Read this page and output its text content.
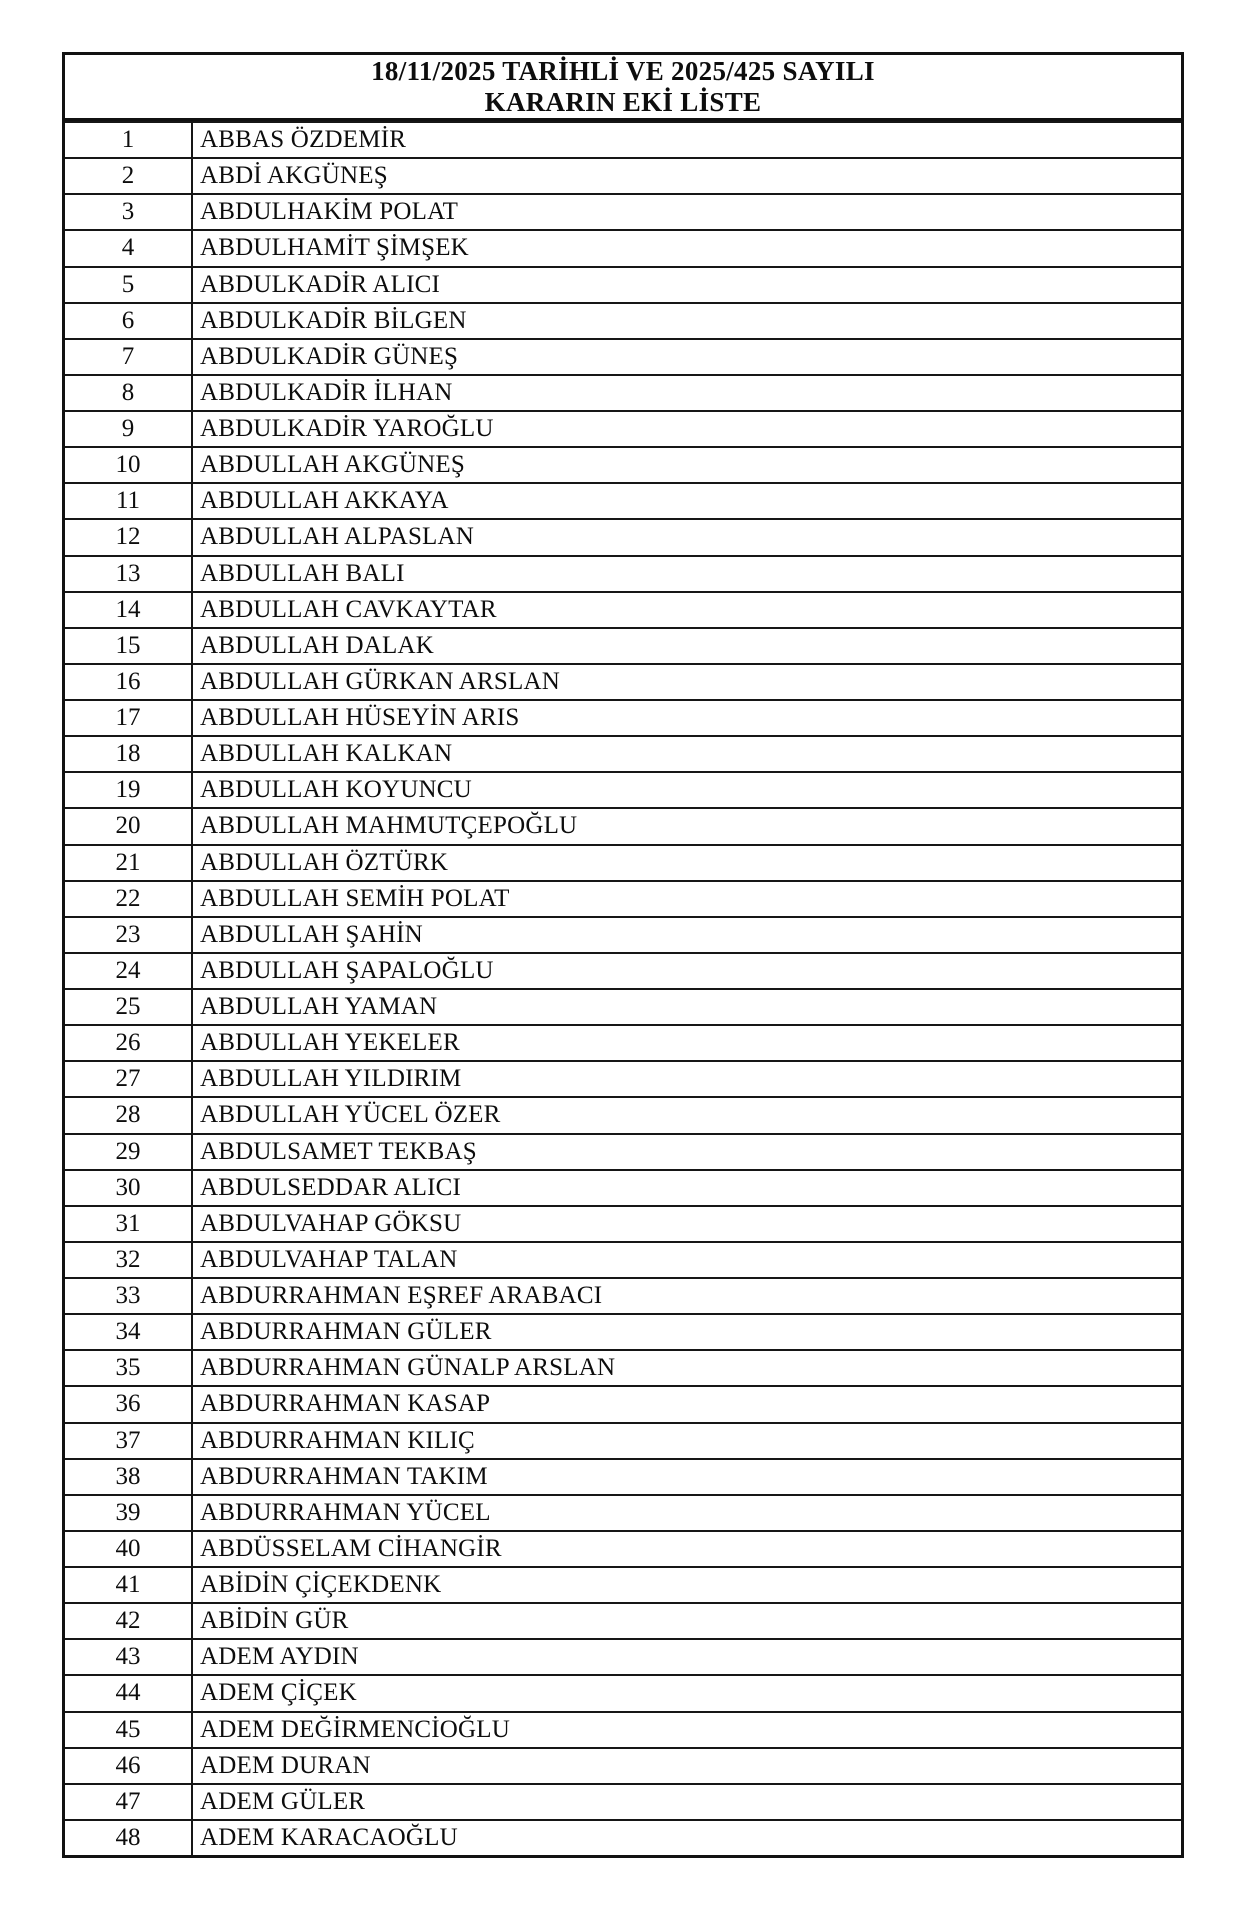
18/11/2025 TARİHLİ VE 2025/425 SAYILI
KARARIN EKİ LİSTE
1	ABBAS ÖZDEMİR
2	ABDİ AKGÜNEŞ
3	ABDULHAKİM POLAT
4	ABDULHAMİT ŞİMŞEK
5	ABDULKADİR ALICI
6	ABDULKADİR BİLGEN
7	ABDULKADİR GÜNEŞ
8	ABDULKADİR İLHAN
9	ABDULKADİR YAROĞLU
10	ABDULLAH AKGÜNEŞ
11	ABDULLAH AKKAYA
12	ABDULLAH ALPASLAN
13	ABDULLAH BALI
14	ABDULLAH CAVKAYTAR
15	ABDULLAH DALAK
16	ABDULLAH GÜRKAN ARSLAN
17	ABDULLAH HÜSEYİN ARIS
18	ABDULLAH KALKAN
19	ABDULLAH KOYUNCU
20	ABDULLAH MAHMUTÇEPOĞLU
21	ABDULLAH ÖZTÜRK
22	ABDULLAH SEMİH POLAT
23	ABDULLAH ŞAHİN
24	ABDULLAH ŞAPALOĞLU
25	ABDULLAH YAMAN
26	ABDULLAH YEKELER
27	ABDULLAH YILDIRIM
28	ABDULLAH YÜCEL ÖZER
29	ABDULSAMET TEKBAŞ
30	ABDULSEDDAR ALICI
31	ABDULVAHAP GÖKSU
32	ABDULVAHAP TALAN
33	ABDURRAHMAN EŞREF ARABACI
34	ABDURRAHMAN GÜLER
35	ABDURRAHMAN GÜNALP ARSLAN
36	ABDURRAHMAN KASAP
37	ABDURRAHMAN KILIÇ
38	ABDURRAHMAN TAKIM
39	ABDURRAHMAN YÜCEL
40	ABDÜSSELAM CİHANGİR
41	ABİDİN ÇİÇEKDENK
42	ABİDİN GÜR
43	ADEM AYDIN
44	ADEM ÇİÇEK
45	ADEM DEĞİRMENCİOĞLU
46	ADEM DURAN
47	ADEM GÜLER
48	ADEM KARACAOĞLU
